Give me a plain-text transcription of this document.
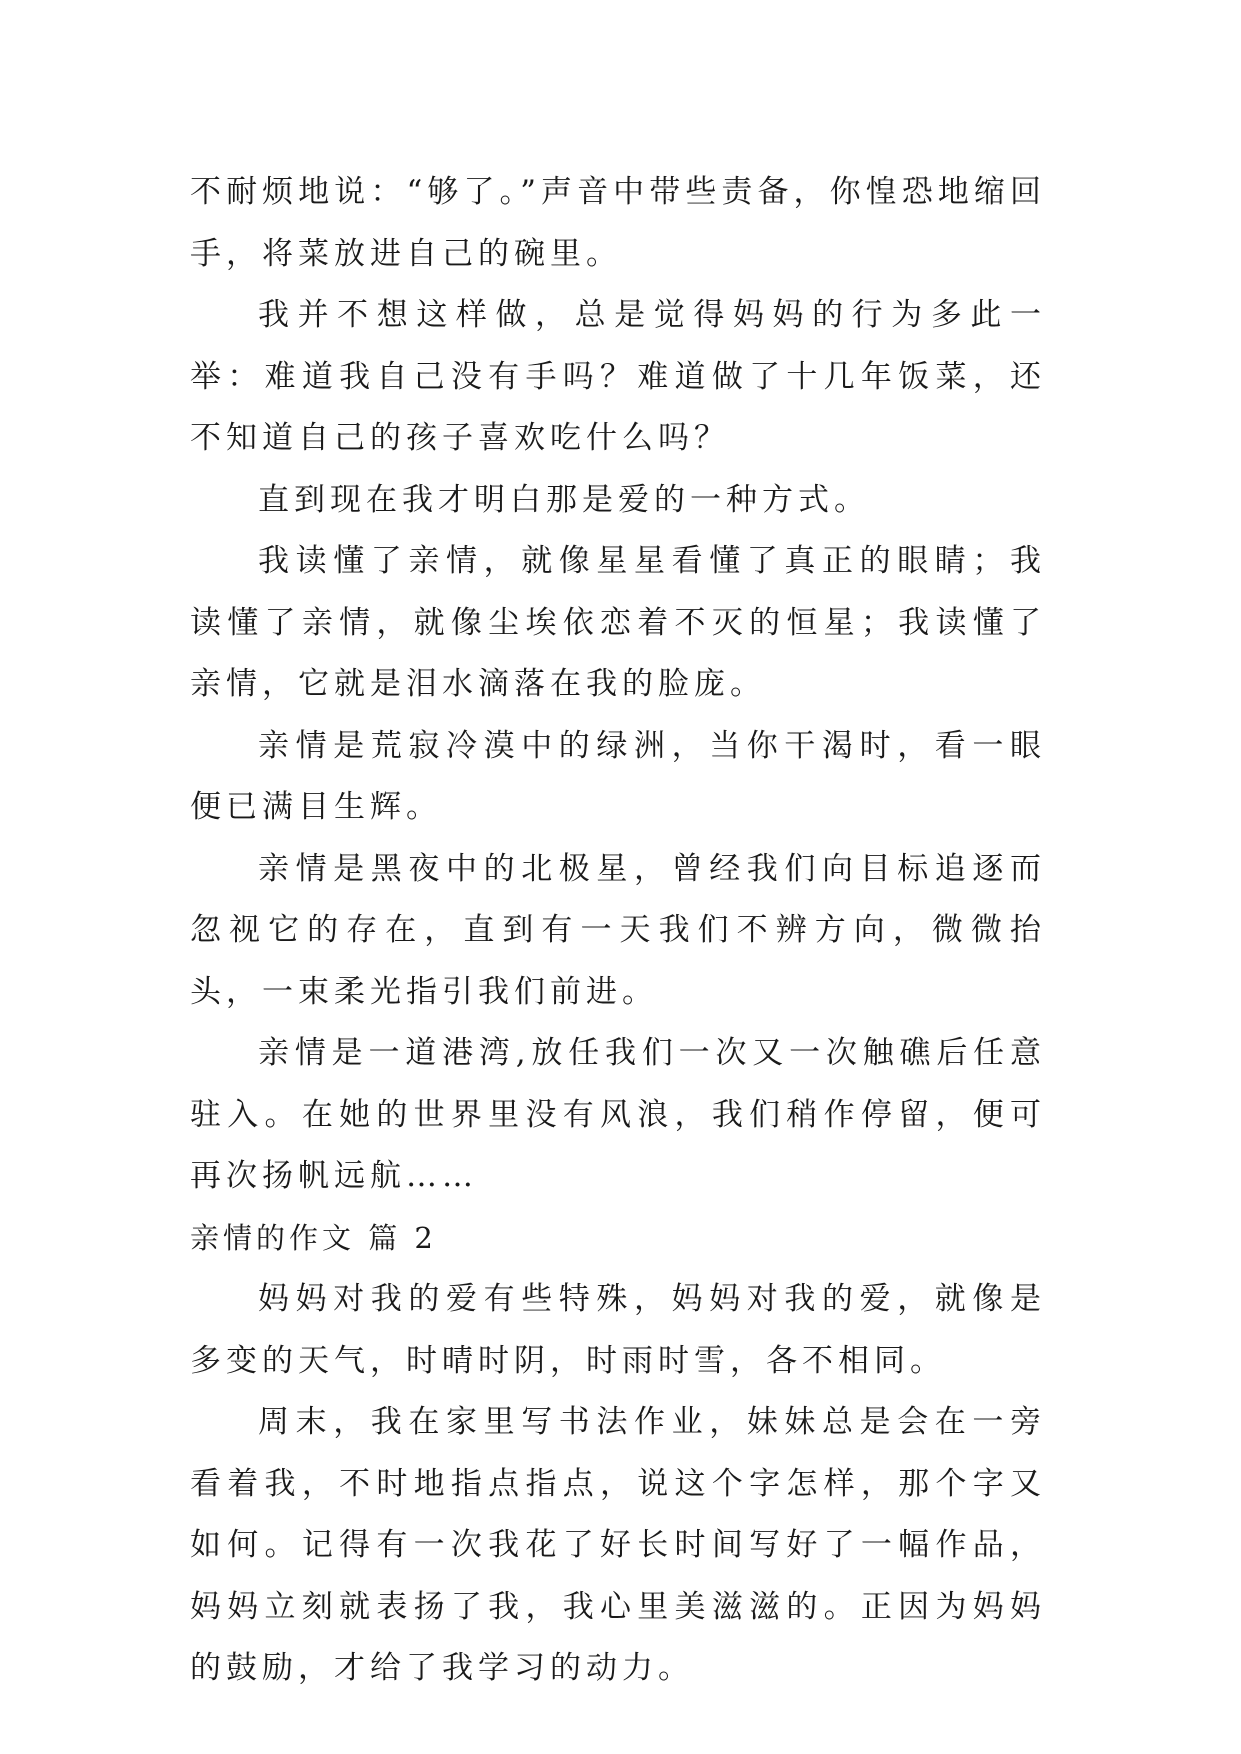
不耐烦地说：“够了。”声音中带些责备，你惶恐地缩回手，将菜放进自己的碗里。

我并不想这样做，总是觉得妈妈的行为多此一举：难道我自己没有手吗？难道做了十几年饭菜，还不知道自己的孩子喜欢吃什么吗？

直到现在我才明白那是爱的一种方式。

我读懂了亲情，就像星星看懂了真正的眼睛；我读懂了亲情，就像尘埃依恋着不灭的恒星；我读懂了亲情，它就是泪水滴落在我的脸庞。

亲情是荒寂冷漠中的绿洲，当你干渴时，看一眼便已满目生辉。

亲情是黑夜中的北极星，曾经我们向目标追逐而忽视它的存在，直到有一天我们不辨方向，微微抬头，一束柔光指引我们前进。

亲情是一道港湾,放任我们一次又一次触礁后任意驻入。在她的世界里没有风浪，我们稍作停留，便可再次扬帆远航……

亲情的作文 篇 2

妈妈对我的爱有些特殊，妈妈对我的爱，就像是多变的天气，时晴时阴，时雨时雪，各不相同。

周末，我在家里写书法作业，妹妹总是会在一旁看着我，不时地指点指点，说这个字怎样，那个字又如何。记得有一次我花了好长时间写好了一幅作品，妈妈立刻就表扬了我，我心里美滋滋的。正因为妈妈的鼓励，才给了我学习的动力。
